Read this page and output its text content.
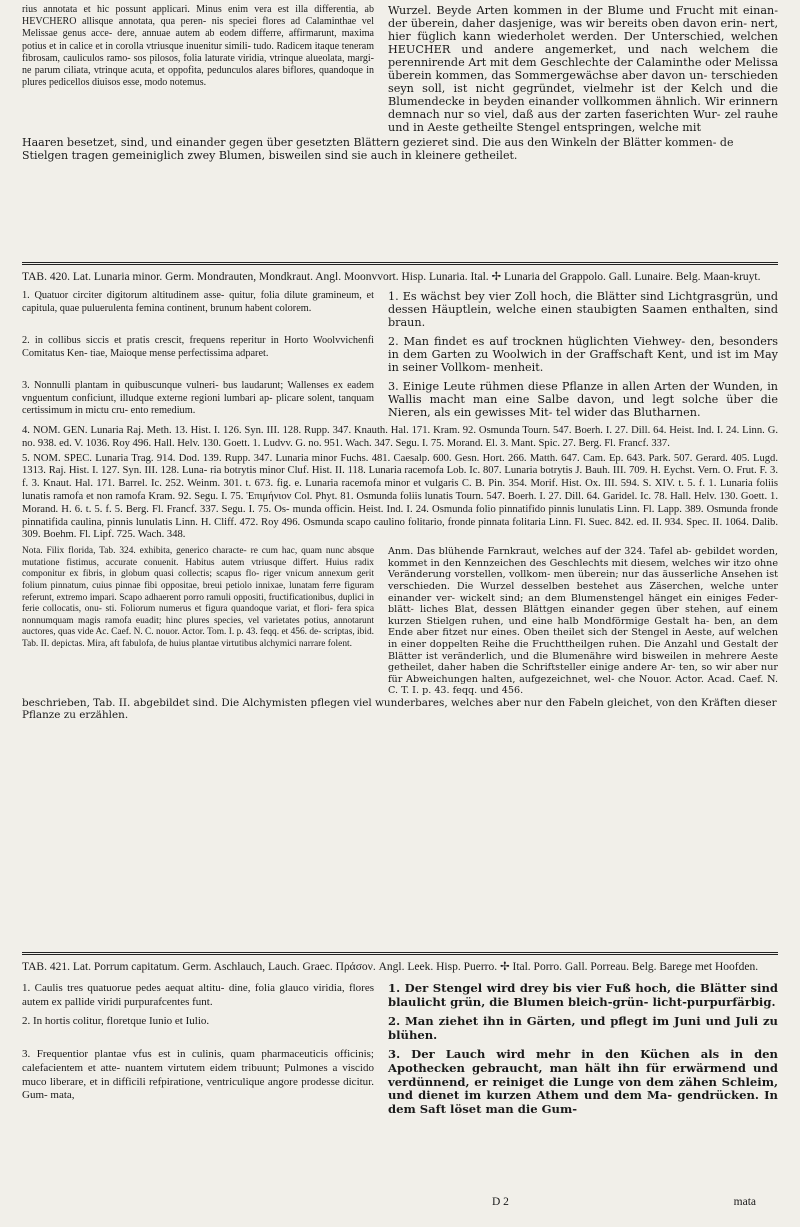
rius annotata et hic possunt applicari. Minus enim vera est illa differentia, ab HEVCHERO allisque annotata, qua peren- nis speciei flores ad Calaminthae vel Melissae genus acce- dere, annuae autem ab eodem differre, affirmarunt, maxima potius et in calice et in corolla vtriusque inuenitur simili- tudo. Radicem itaque teneram fibrosam, cauliculos ramo- sos pilosos, folia laturate viridia, vtrinque alueolata, margi- ne parum ciliata, vtrinque acuta, et oppofita, pedunculos alares biflores, quandoque in plures pedicellos diuisos esse, modo notemus.

Wurzel. Beyde Arten kommen in der Blume und Frucht mit einan- der überein, daher dasjenige, was wir bereits oben davon erin- nert, hier füglich kann wiederholet werden. Der Unterschied, welchen HEUCHER und andere angemerket, und nach welchem die perennirende Art mit dem Geschlechte der Calaminthe oder Melissa überein kommen, das Sommergewächse aber davon un- terschieden seyn soll, ist nicht gegründet, vielmehr ist der Kelch und die Blumendecke in beyden einander vollkommen ähnlich. Wir erinnern demnach nur so viel, daß aus der zarten faserichten Wur- zel rauhe und in Aeste getheilte Stengel entspringen, welche mit

Haaren besetzet, sind, und einander gegen über gesetzten Blättern gezieret sind. Die aus den Winkeln der Blätter kommen- de Stielgen tragen gemeiniglich zwey Blumen, bisweilen sind sie auch in kleinere getheilet.

TAB. 420. Lat. Lunaria minor. Germ. Mondrauten, Mondkraut. Angl. Moonvvort. Hisp. Lunaria. Ital. ✢ Lunaria del Grappolo. Gall. Lunaire. Belg. Maan-kruyt.

1. Quatuor circiter digitorum altitudinem asse- quitur, folia dilute gramineum, et capitula, quae puluerulenta femina continent, brunum habent colorem.

1. Es wächst bey vier Zoll hoch, die Blätter sind Lichtgrasgrün, und dessen Häuptlein, welche einen staubigten Saamen enthalten, sind braun.

2. in collibus siccis et pratis crescit, frequens reperitur in Horto Woolvvichenfi Comitatus Ken- tiae, Maioque mense perfectissima adparet.

2. Man findet es auf trocknen hüglichten Viehwey- den, besonders in dem Garten zu Woolwich in der Graffschaft Kent, und ist im May in seiner Vollkom- menheit.

3. Nonnulli plantam in quibuscunque vulneri- bus laudarunt; Wallenses ex eadem vnguentum conficiunt, illudque externe regioni lumbari ap- plicare solent, tanquam certissimum in mictu cru- ento remedium.

3. Einige Leute rühmen diese Pflanze in allen Arten der Wunden, in Wallis macht man eine Salbe davon, und legt solche über die Nieren, als ein gewisses Mit- tel wider das Blutharnen.

4. NOM. GEN. Lunaria Raj. Meth. 13. Hist. I. 126. Syn. III. 128. Rupp. 347. Knauth. Hal. 171. Kram. 92. Osmunda Tourn. 547. Boerh. I. 27. Dill. 64. Heist. Ind. I. 24. Linn. G. no. 938. ed. V. 1036. Roy 496. Hall. Helv. 130. Goett. 1. Ludvv. G. no. 951. Wach. 347. Segu. I. 75. Morand. El. 3. Mant. Spic. 27. Berg. Fl. Francf. 337.

5. NOM. SPEC. Lunaria Trag. 914. Dod. 139. Rupp. 347. Lunaria minor Fuchs. 481. Caesalp. 600. Gesn. Hort. 266. Matth. 647. Cam. Ep. 643. Park. 507. Gerard. 405. Lugd. 1313. Raj. Hist. I. 127. Syn. III. 128. Luna- ria botrytis minor Cluf. Hist. II. 118. Lunaria racemofa Lob. Ic. 807. Lunaria botrytis J. Bauh. III. 709. H. Eychst. Vern. O. Frut. F. 3. f. 3. Knaut. Hal. 171. Barrel. Ic. 252. Weinm. 301. t. 673. fig. e. Lunaria racemofa minor et vulgaris C. B. Pin. 354. Morif. Hist. Ox. III. 594. S. XIV. t. 5. f. 1. Lunaria foliis lunatis ramofa et non ramofa Kram. 92. Segu. I. 75. Ἐπιμήνιον Col. Phyt. 81. Osmunda foliis lunatis Tourn. 547. Boerh. I. 27. Dill. 64. Garidel. Ic. 78. Hall. Helv. 130. Goett. 1. Morand. H. 6. t. 5. f. 5. Berg. Fl. Francf. 337. Segu. I. 75. Os- munda officin. Heist. Ind. I. 24. Osmunda folio pinnatifido pinnis lunulatis Linn. Fl. Lapp. 389. Osmunda fronde pinnatifida caulina, pinnis lunulatis Linn. H. Cliff. 472. Roy 496. Osmunda scapo caulino folitario, fronde pinnata folitaria Linn. Fl. Suec. 842. ed. II. 934. Spec. II. 1064. Dalib. 309. Boehm. Fl. Lipf. 725. Wach. 348.

Nota. Filix florida, Tab. 324. exhibita, generico characte- re cum hac, quam nunc absque mutatione fistimus, accurate conuenit. Habitus autem vtriusque differt. Huius radix componitur ex fibris, in globum quasi collectis; scapus flo- riger vnicum annexum gerit folium pinnatum, cuius pinnae fibi oppositae, breui petiolo innixae, lunatam ferre figuram referunt, extremo impari. Scapo adhaerent porro ramuli oppositi, fructificationibus, duplici in ferie collocatis, onu- sti. Foliorum numerus et figura quandoque variat, et flori- fera spica nonnumquam magis ramofa euadit; hinc plures species, vel varietates potius, annotarunt auctores, quas vide Ac. Caef. N. C. nouor. Actor. Tom. I. p. 43. feqq. et 456. de- scriptas, ibid. Tab. II. depictas. Mira, aft fabulofa, de huius plantae virtutibus alchymici narrare folent.

Anm. Das blühende Farnkraut, welches auf der 324. Tafel ab- gebildet worden, kommet in den Kennzeichen des Geschlechts mit diesem, welches wir itzo ohne Veränderung vorstellen, vollkom- men überein; nur das äusserliche Ansehen ist verschieden. Die Wurzel desselben bestehet aus Zäserchen, welche unter einander ver- wickelt sind; an dem Blumenstengel hänget ein einiges Feder- blätt- liches Blat, dessen Blättgen einander gegen über stehen, auf einem kurzen Stielgen ruhen, und eine halb Mondförmige Gestalt ha- ben, an dem Ende aber fitzet nur eines. Oben theilet sich der Stengel in Aeste, auf welchen in einer doppelten Reihe die Fruchttheilgen ruhen. Die Anzahl und Gestalt der Blätter ist veränderlich, und die Blumenähre wird bisweilen in mehrere Aeste getheilet, daher haben die Schriftsteller einige andere Ar- ten, so wir aber nur für Abweichungen halten, aufgezeichnet, wel- che Nouor. Actor. Acad. Caef. N. C. T. I. p. 43. feqq. und 456.

beschrieben, Tab. II. abgebildet sind. Die Alchymisten pflegen viel wunderbares, welches aber nur den Fabeln gleichet, von den Kräften dieser Pflanze zu erzählen.

TAB. 421. Lat. Porrum capitatum. Germ. Aschlauch, Lauch. Graec. Πράσον. Angl. Leek. Hisp. Puerro. ✢ Ital. Porro. Gall. Porreau. Belg. Barege met Hoofden.

1. Caulis tres quatuorue pedes aequat altitu- dine, folia glauco viridia, flores autem ex pallide viridi purpurafcentes funt.

1. Der Stengel wird drey bis vier Fuß hoch, die Blätter sind blaulicht grün, die Blumen bleich-grün- licht-purpurfärbig.

2. In hortis colitur, floretque Iunio et Iulio.	2. Man ziehet ihn in Gärten, und pflegt im Juni und Juli zu blühen.

3. Frequentior plantae vfus est in culinis, quam pharmaceuticis officinis; calefacientem et atte- nuantem virtutem eidem tribuunt; Pulmones a viscido muco liberare, et in difficili refpiratione, ventriculique angore prodesse dicitur. Gum- mata,

3. Der Lauch wird mehr in den Küchen als in den Apothecken gebraucht, man hält ihn für erwärmend und verdünnend, er reiniget die Lunge von dem zähen Schleim, und dienet im kurzen Athem und dem Ma- gendrücken. In dem Saft löset man die Gum-

D 2	mata
